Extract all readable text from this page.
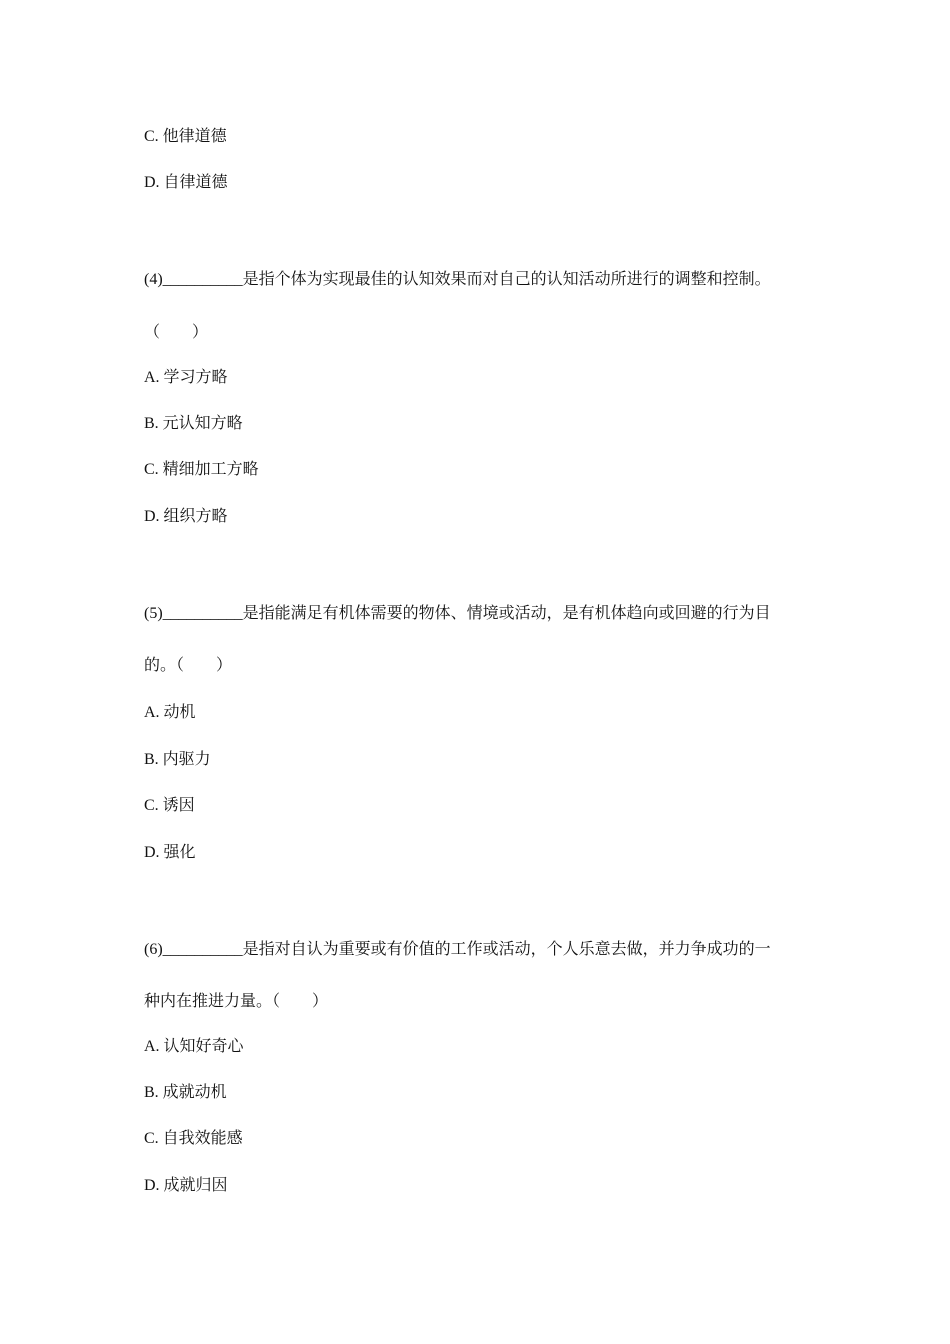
C. 他律道德
D. 自律道德
(4)__________是指个体为实现最佳的认知效果而对自己的认知活动所进行的调整和控制。
（　　）
A. 学习方略
B. 元认知方略
C. 精细加工方略
D. 组织方略
(5)__________是指能满足有机体需要的物体、情境或活动，是有机体趋向或回避的行为目
的。（　　）
A. 动机
B. 内驱力
C. 诱因
D. 强化
(6)__________是指对自认为重要或有价值的工作或活动，个人乐意去做，并力争成功的一
种内在推进力量。（　　）
A. 认知好奇心
B. 成就动机
C. 自我效能感
D. 成就归因
